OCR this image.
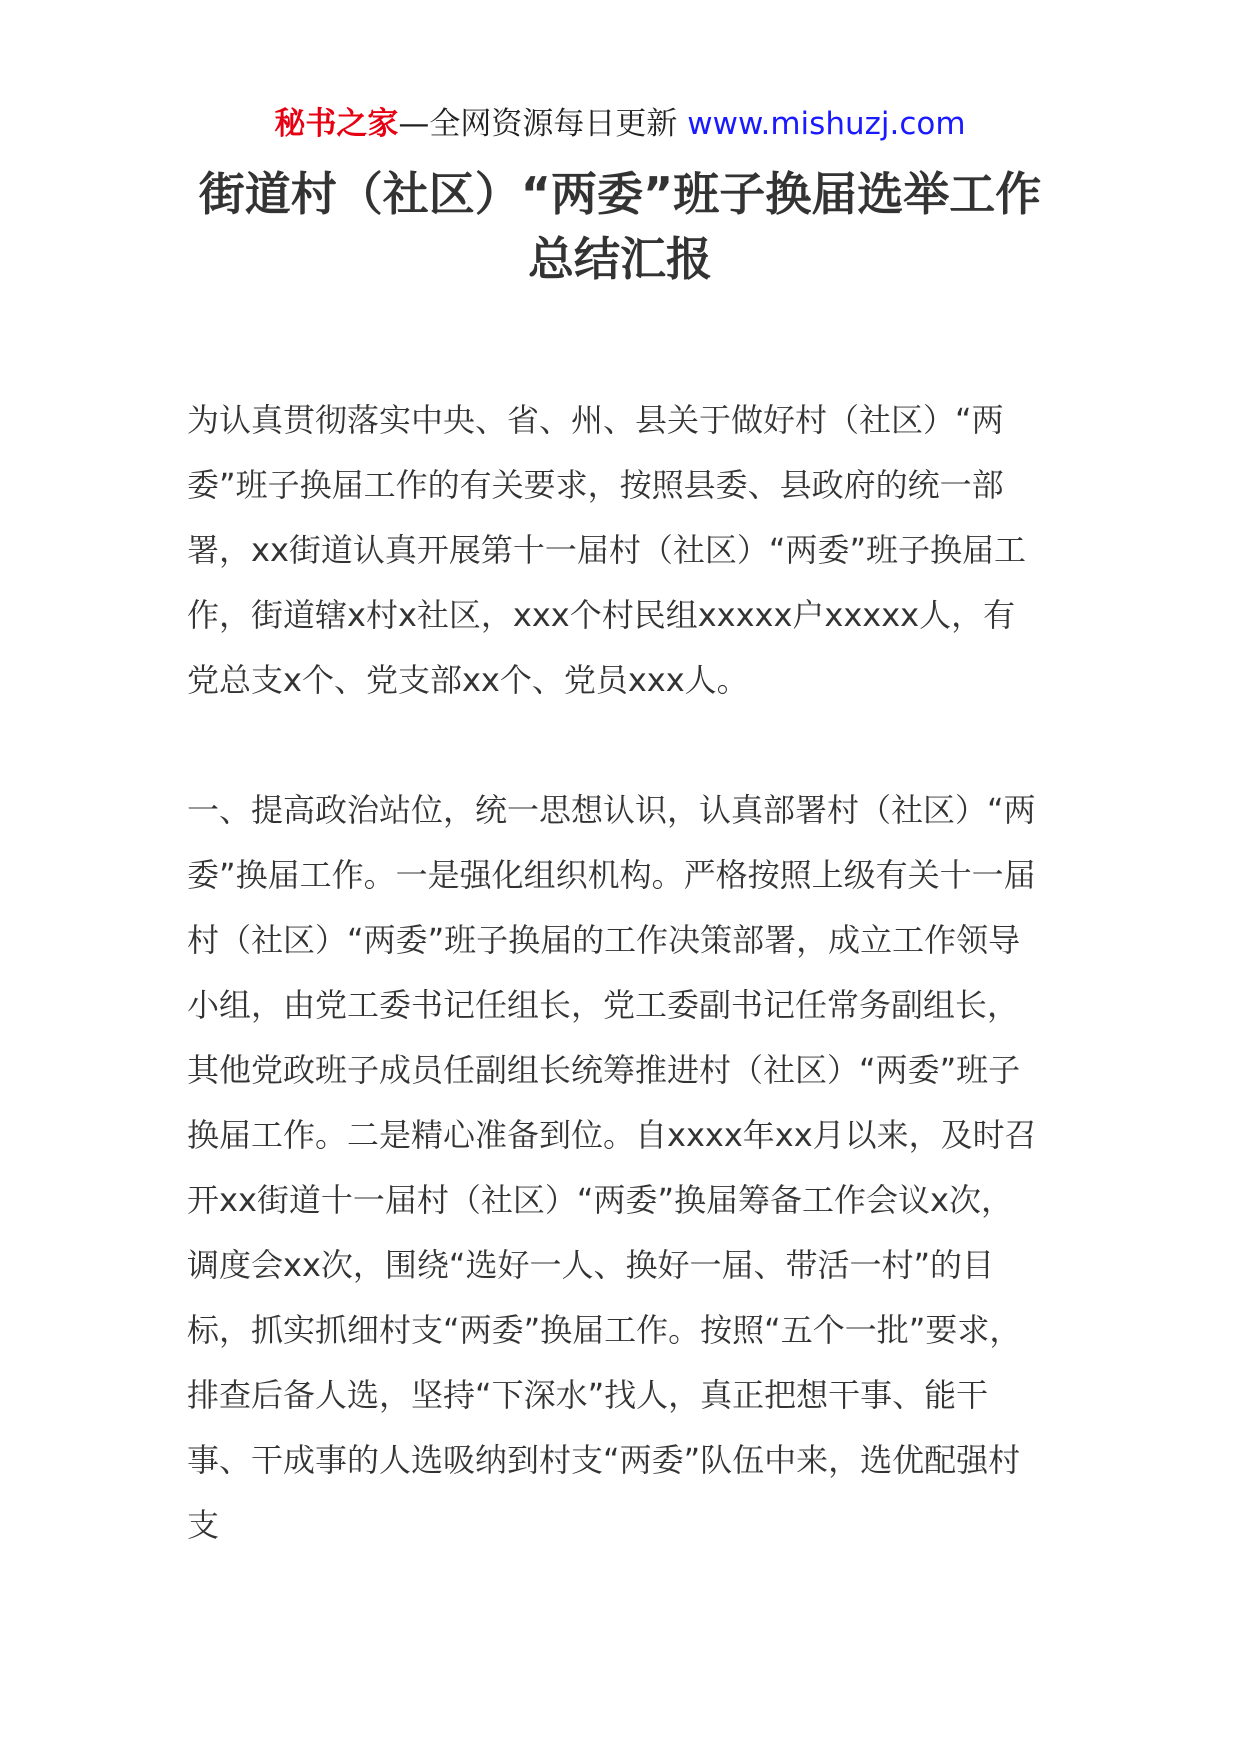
秘书之家—全网资源每日更新 www.mishuzj.com
街道村（社区）“两委”班子换届选举工作总结汇报

为认真贯彻落实中央、省、州、县关于做好村（社区）“两委”班子换届工作的有关要求，按照县委、县政府的统一部署，xx街道认真开展第十一届村（社区）“两委”班子换届工作，街道辖x村x社区，xxx个村民组xxxxx户xxxxx人，有党总支x个、党支部xx个、党员xxx人。

一、提高政治站位，统一思想认识，认真部署村（社区）“两委”换届工作。一是强化组织机构。严格按照上级有关十一届村（社区）“两委”班子换届的工作决策部署，成立工作领导小组，由党工委书记任组长，党工委副书记任常务副组长，其他党政班子成员任副组长统筹推进村（社区）“两委”班子换届工作。二是精心准备到位。自xxxx年xx月以来，及时召开xx街道十一届村（社区）“两委”换届筹备工作会议x次，调度会xx次，围绕“选好一人、换好一届、带活一村”的目标，抓实抓细村支“两委”换届工作。按照“五个一批”要求，排查后备人选，坚持“下深水”找人，真正把想干事、能干事、干成事的人选吸纳到村支“两委”队伍中来，选优配强村支
